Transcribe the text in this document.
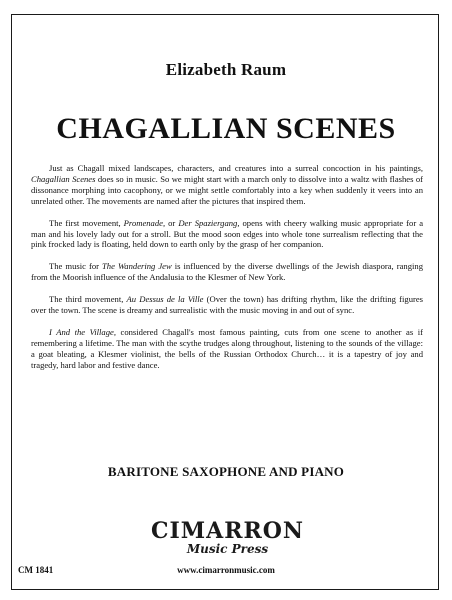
Elizabeth Raum
CHAGALLIAN SCENES

Just as Chagall mixed landscapes, characters, and creatures into a surreal concoction in his paintings, Chagallian Scenes does so in music. So we might start with a march only to dissolve into a waltz with flashes of dissonance morphing into cacophony, or we might settle comfortably into a key when suddenly it veers into an unrelated other. The movements are named after the pictures that inspired them.

The first movement, Promenade, or Der Spaziergang, opens with cheery walking music appropriate for a man and his lovely lady out for a stroll. But the mood soon edges into whole tone surrealism reflecting that the pink frocked lady is floating, held down to earth only by the grasp of her companion.

The music for The Wandering Jew is influenced by the diverse dwellings of the Jewish diaspora, ranging from the Moorish influence of the Andalusia to the Klesmer of New York.

The third movement, Au Dessus de la Ville (Over the town) has drifting rhythm, like the drifting figures over the town. The scene is dreamy and surrealistic with the music moving in and out of sync.

I And the Village, considered Chagall's most famous painting, cuts from one scene to another as if remembering a lifetime. The man with the scythe trudges along throughout, listening to the sounds of the village: a goat bleating, a Klesmer violinist, the bells of the Russian Orthodox Church… it is a tapestry of joy and tragedy, hard labor and festive dance.

BARITONE SAXOPHONE AND PIANO
CIMARRON
Music Press
www.cimarronmusic.com
CM 1841
